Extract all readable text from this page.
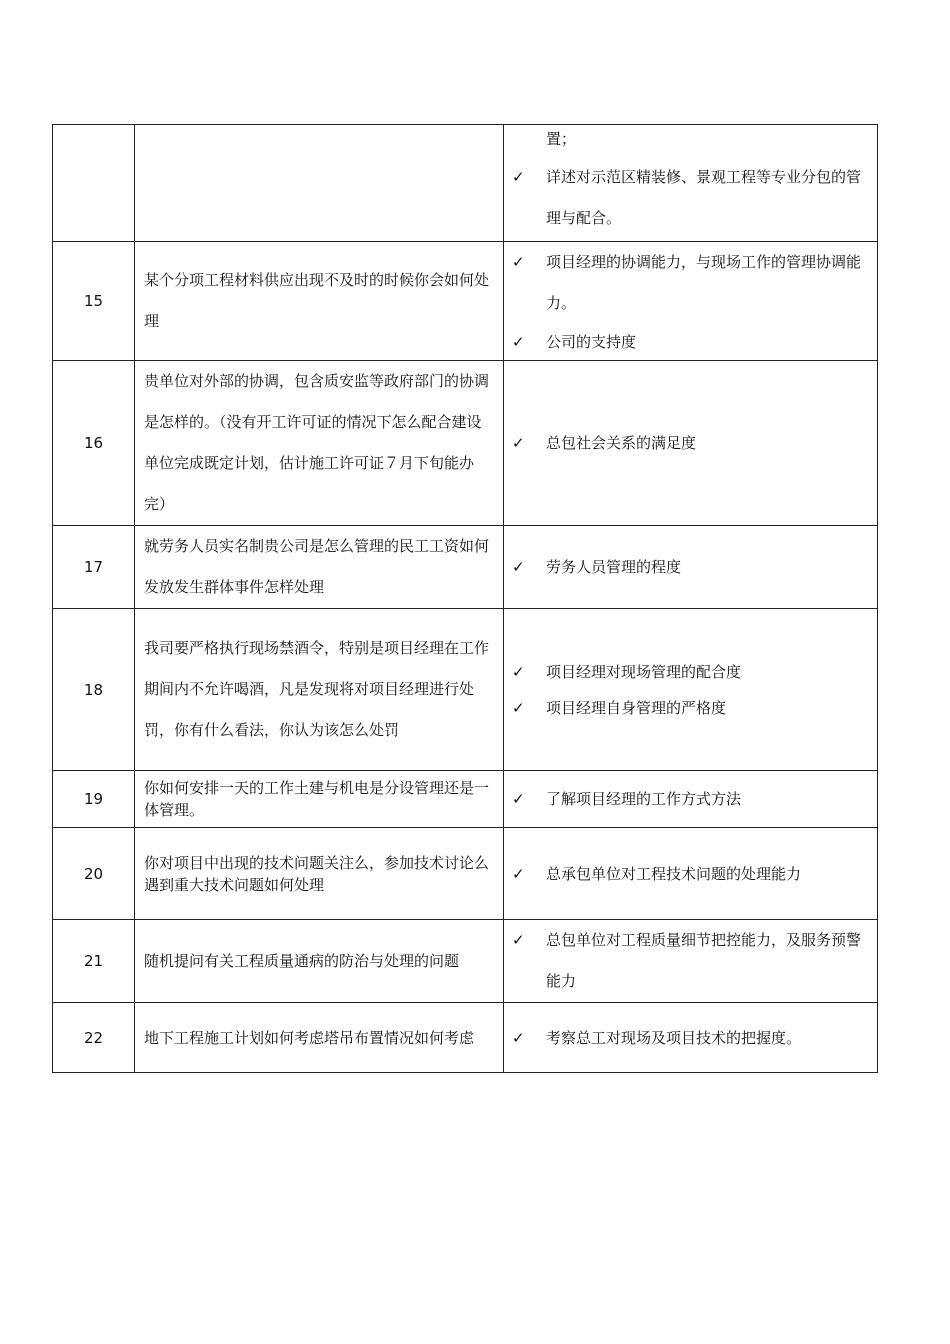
		置；
✓ 详述对示范区精装修、景观工程等专业分包的管理与配合。

15	某个分项工程材料供应出现不及时的时候你会如何处理	✓ 项目经理的协调能力，与现场工作的管理协调能力。
✓ 公司的支持度

16	贵单位对外部的协调，包含质安监等政府部门的协调是怎样的。（没有开工许可证的情况下怎么配合建设单位完成既定计划，估计施工许可证７月下旬能办完）	✓ 总包社会关系的满足度

17	就劳务人员实名制贵公司是怎么管理的民工工资如何发放发生群体事件怎样处理	✓ 劳务人员管理的程度

18	我司要严格执行现场禁酒令，特别是项目经理在工作期间内不允许喝酒，凡是发现将对项目经理进行处罚，你有什么看法，你认为该怎么处罚	✓ 项目经理对现场管理的配合度
✓ 项目经理自身管理的严格度

19	你如何安排一天的工作土建与机电是分设管理还是一体管理。	✓ 了解项目经理的工作方式方法

20	你对项目中出现的技术问题关注么，参加技术讨论么 遇到重大技术问题如何处理	✓ 总承包单位对工程技术问题的处理能力

21	随机提问有关工程质量通病的防治与处理的问题	✓ 总包单位对工程质量细节把控能力，及服务预警能力

22	地下工程施工计划如何考虑塔吊布置情况如何考虑	✓ 考察总工对现场及项目技术的把握度。
